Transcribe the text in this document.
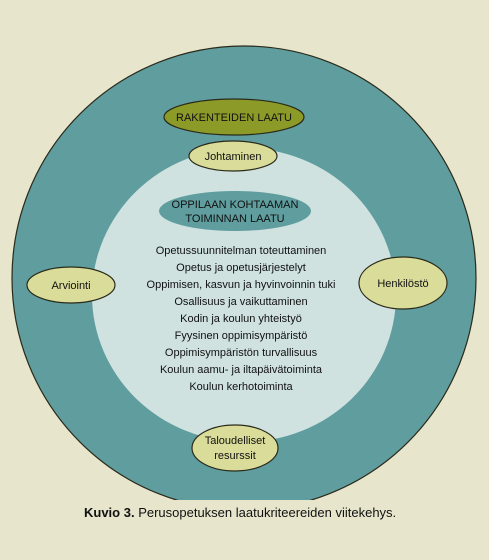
RAKENTEIDEN LAATU
Johtaminen
Arviointi	Henkilöstö
Taloudelliset
resurssit
OPPILAAN KOHTAAMAN
TOIMINNAN LAATU
Opetussuunnitelman toteuttaminen
Opetus ja opetusjärjestelyt
Oppimisen, kasvun ja hyvinvoinnin tuki
Osallisuus ja vaikuttaminen
Kodin ja koulun yhteistyö
Fyysinen oppimisympäristö
Oppimisympäristön turvallisuus
Koulun aamu- ja iltapäivätoiminta
Koulun kerhotoiminta
Kuvio 3. Perusopetuksen laatukriteereiden viitekehys.
